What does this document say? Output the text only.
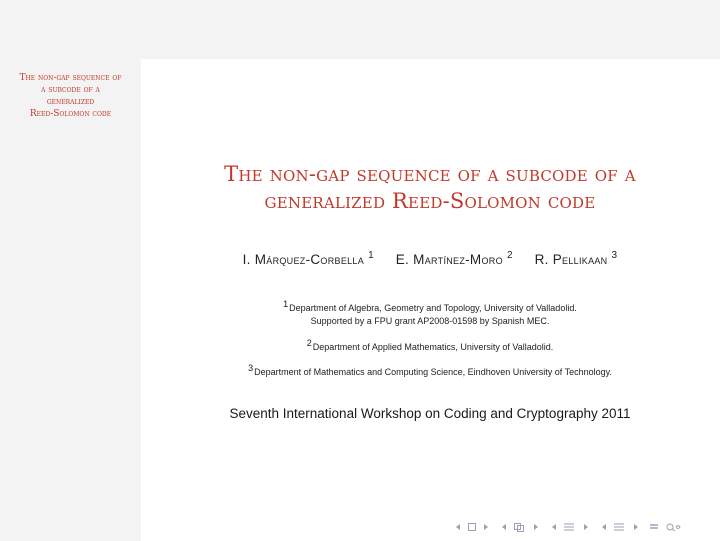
The non-gap sequence of
a subcode of a
generalized
Reed-Solomon code
The non-gap sequence of a subcode of a
generalized Reed-Solomon code
I. Márquez-Corbella $^1$ E. Martínez-Moro $^2$ R. Pellikaan $^3$
$^1$Department of Algebra, Geometry and Topology, University of Valladolid.
Supported by a FPU grant AP2008-01598 by Spanish MEC.
$^2$Department of Applied Mathematics, University of Valladolid.
$^3$Department of Mathematics and Computing Science, Eindhoven University of Technology.
Seventh International Workshop on Coding and Cryptography 2011
